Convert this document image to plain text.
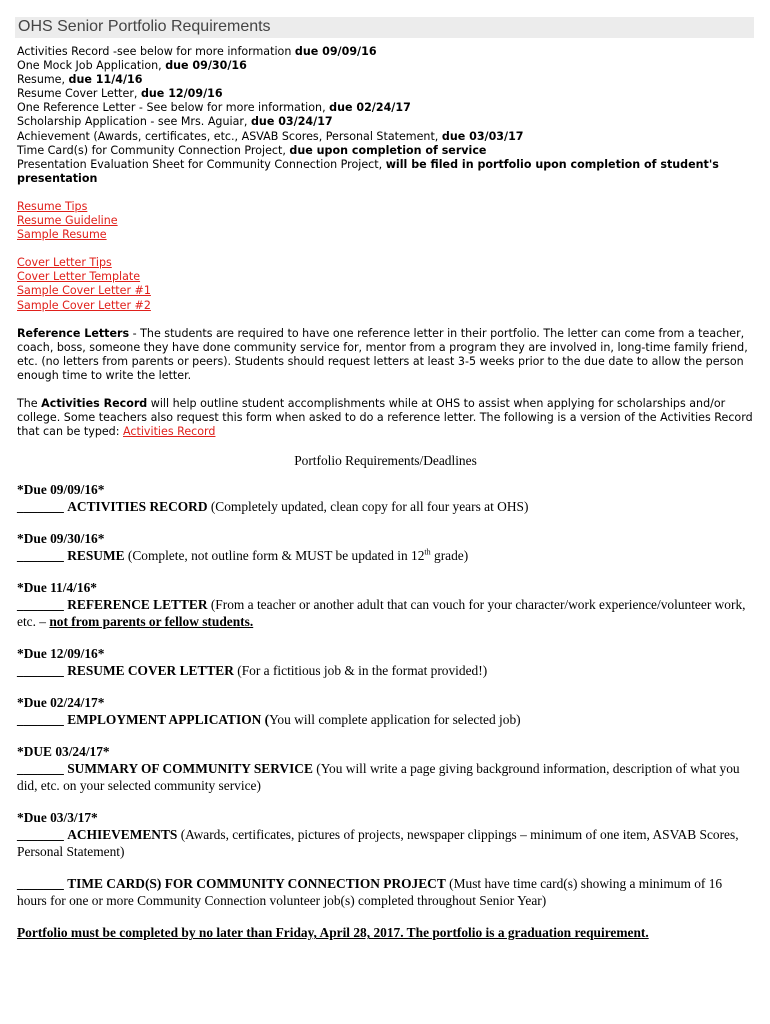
OHS Senior Portfolio Requirements
Activities Record -see below for more information due 09/09/16
One Mock Job Application, due 09/30/16
Resume, due 11/4/16
Resume Cover Letter, due 12/09/16
One Reference Letter - See below for more information, due 02/24/17
Scholarship Application - see Mrs. Aguiar, due 03/24/17
Achievement (Awards, certificates, etc., ASVAB Scores, Personal Statement, due 03/03/17
Time Card(s) for Community Connection Project, due upon completion of service
Presentation Evaluation Sheet for Community Connection Project, will be filed in portfolio upon completion of student's presentation
Resume Tips
Resume Guideline
Sample Resume
Cover Letter Tips
Cover Letter Template
Sample Cover Letter #1
Sample Cover Letter #2
Reference Letters - The students are required to have one reference letter in their portfolio. The letter can come from a teacher, coach, boss, someone they have done community service for, mentor from a program they are involved in, long-time family friend, etc. (no letters from parents or peers). Students should request letters at least 3-5 weeks prior to the due date to allow the person enough time to write the letter.
The Activities Record will help outline student accomplishments while at OHS to assist when applying for scholarships and/or college. Some teachers also request this form when asked to do a reference letter. The following is a version of the Activities Record that can be typed: Activities Record
Portfolio Requirements/Deadlines
*Due 09/09/16*
_______ ACTIVITIES RECORD (Completely updated, clean copy for all four years at OHS)
*Due 09/30/16*
_______ RESUME (Complete, not outline form & MUST be updated in 12th grade)
*Due 11/4/16*
_______ REFERENCE LETTER (From a teacher or another adult that can vouch for your character/work experience/volunteer work, etc. – not from parents or fellow students.
*Due 12/09/16*
_______ RESUME COVER LETTER (For a fictitious job & in the format provided!)
*Due 02/24/17*
_______ EMPLOYMENT APPLICATION (You will complete application for selected job)
*DUE 03/24/17*
_______ SUMMARY OF COMMUNITY SERVICE (You will write a page giving background information, description of what you did, etc. on your selected community service)
*Due 03/3/17*
_______ ACHIEVEMENTS (Awards, certificates, pictures of projects, newspaper clippings – minimum of one item, ASVAB Scores, Personal Statement)
_______ TIME CARD(S) FOR COMMUNITY CONNECTION PROJECT (Must have time card(s) showing a minimum of 16 hours for one or more Community Connection volunteer job(s) completed throughout Senior Year)
Portfolio must be completed by no later than Friday, April 28, 2017. The portfolio is a graduation requirement.
